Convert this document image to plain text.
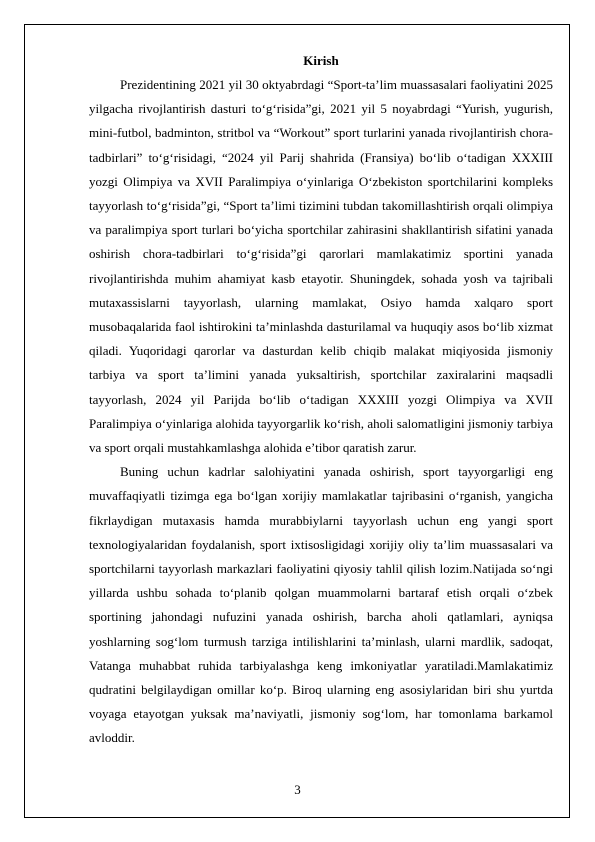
Kirish

Prezidentining 2021 yil 30 oktyabrdagi “Sport-ta’lim muassasalari faoliyatini 2025 yilgacha rivojlantirish dasturi to‘g‘risida”gi, 2021 yil 5 noyabrdagi “Yurish, yugurish, mini-futbol, badminton, stritbol va “Workout” sport turlarini yanada rivojlantirish chora-tadbirlari” to‘g‘risidagi, “2024 yil Parij shahrida (Fransiya) bo‘lib o‘tadigan XXXIII yozgi Olimpiya va XVII Paralimpiya o‘yinlariga O‘zbekiston sportchilarini kompleks tayyorlash to‘g‘risida”gi, “Sport ta’limi tizimini tubdan takomillashtirish orqali olimpiya va paralimpiya sport turlari bo‘yicha sportchilar zahirasini shakllantirish sifatini yanada oshirish chora-tadbirlari to‘g‘risida”gi qarorlari mamlakatimiz sportini yanada rivojlantirishda muhim ahamiyat kasb etayotir. Shuningdek, sohada yosh va tajribali mutaxassislarni tayyorlash, ularning mamlakat, Osiyo hamda xalqaro sport musobaqalarida faol ishtirokini ta’minlashda dasturilamal va huquqiy asos bo‘lib xizmat qiladi. Yuqoridagi qarorlar va dasturdan kelib chiqib malakat miqiyosida jismoniy tarbiya va sport ta’limini yanada yuksaltirish, sportchilar zaxiralarini maqsadli tayyorlash, 2024 yil Parijda bo‘lib o‘tadigan XXXIII yozgi Olimpiya va XVII Paralimpiya o‘yinlariga alohida tayyorgarlik ko‘rish, aholi salomatligini jismoniy tarbiya va sport orqali mustahkamlashga alohida e’tibor qaratish zarur.

Buning uchun kadrlar salohiyatini yanada oshirish, sport tayyorgarligi eng muvaffaqiyatli tizimga ega bo‘lgan xorijiy mamlakatlar tajribasini o‘rganish, yangicha fikrlaydigan mutaxasis hamda murabbiylarni tayyorlash uchun eng yangi sport texnologiyalaridan foydalanish, sport ixtisosligidagi xorijiy oliy ta’lim muassasalari va sportchilarni tayyorlash markazlari faoliyatini qiyosiy tahlil qilish lozim.Natijada so‘ngi yillarda ushbu sohada to‘planib qolgan muammolarni bartaraf etish orqali o‘zbek sportining jahondagi nufuzini yanada oshirish, barcha aholi qatlamlari, ayniqsa yoshlarning sog‘lom turmush tarziga intilishlarini ta’minlash, ularni mardlik, sadoqat, Vatanga muhabbat ruhida tarbiyalashga keng imkoniyatlar yaratiladi.Mamlakatimiz qudratini belgilaydigan omillar ko‘p. Biroq ularning eng asosiylaridan biri shu yurtda voyaga etayotgan yuksak ma’naviyatli, jismoniy sog‘lom, har tomonlama barkamol avloddir.

3
